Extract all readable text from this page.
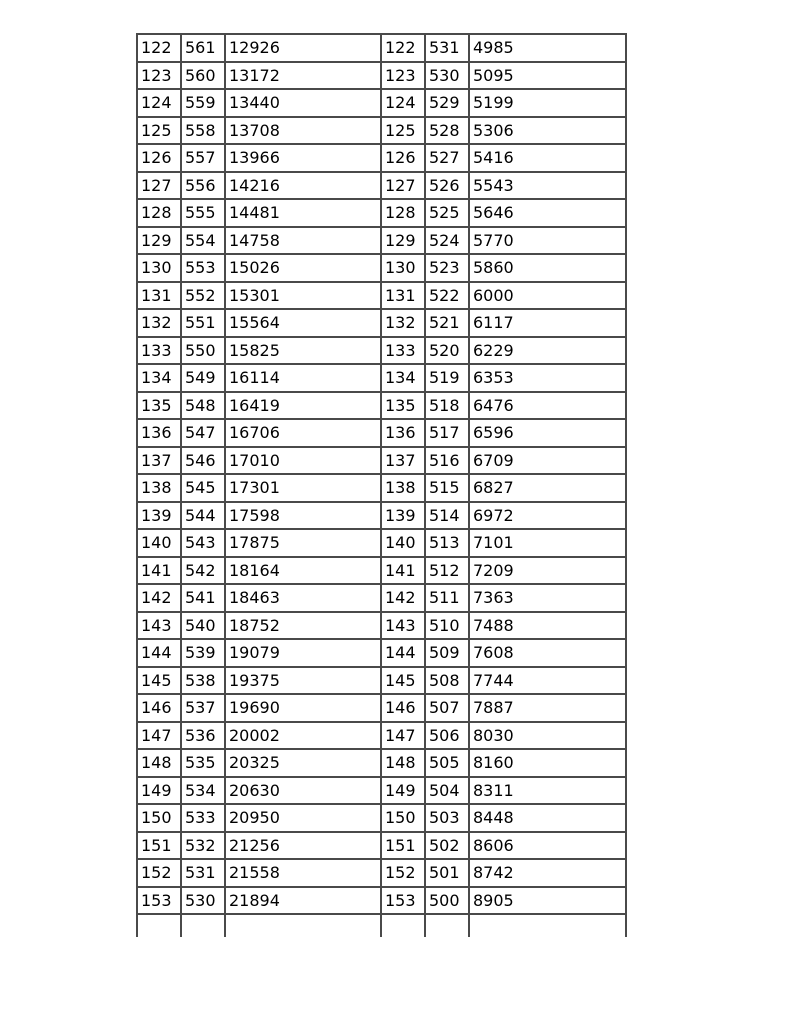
122	561	12926	122	531	4985
123	560	13172	123	530	5095
124	559	13440	124	529	5199
125	558	13708	125	528	5306
126	557	13966	126	527	5416
127	556	14216	127	526	5543
128	555	14481	128	525	5646
129	554	14758	129	524	5770
130	553	15026	130	523	5860
131	552	15301	131	522	6000
132	551	15564	132	521	6117
133	550	15825	133	520	6229
134	549	16114	134	519	6353
135	548	16419	135	518	6476
136	547	16706	136	517	6596
137	546	17010	137	516	6709
138	545	17301	138	515	6827
139	544	17598	139	514	6972
140	543	17875	140	513	7101
141	542	18164	141	512	7209
142	541	18463	142	511	7363
143	540	18752	143	510	7488
144	539	19079	144	509	7608
145	538	19375	145	508	7744
146	537	19690	146	507	7887
147	536	20002	147	506	8030
148	535	20325	148	505	8160
149	534	20630	149	504	8311
150	533	20950	150	503	8448
151	532	21256	151	502	8606
152	531	21558	152	501	8742
153	530	21894	153	500	8905
